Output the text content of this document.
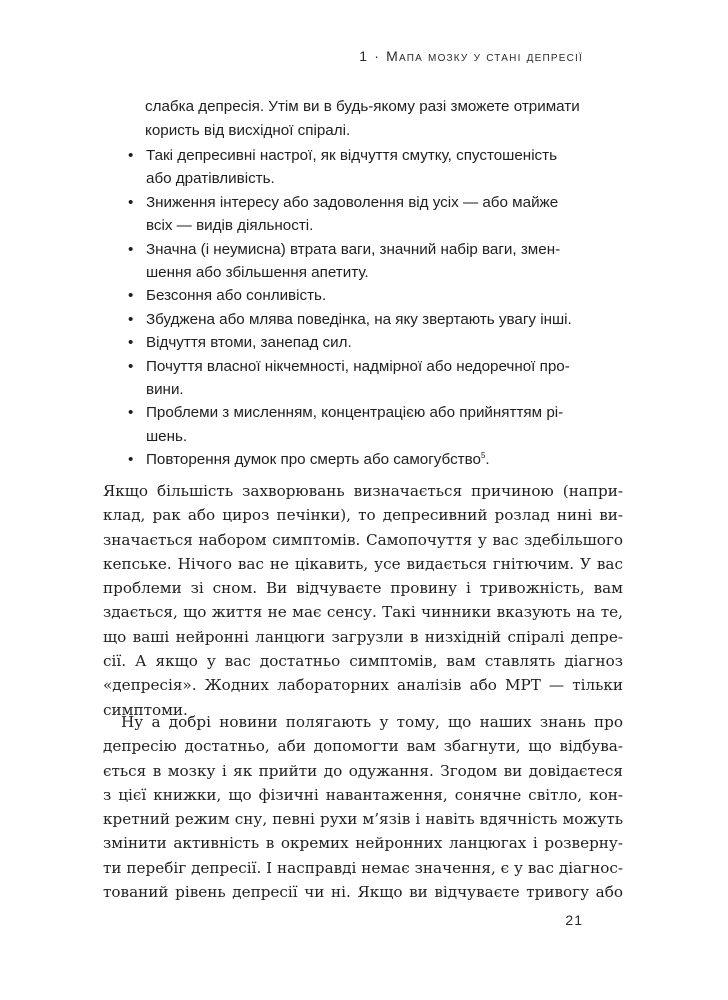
1 · Мапа мозку у стані депресії

слабка депресія. Утім ви в будь-якому разі зможете отримати
користь від висхідної спіралі.

• Такі депресивні настрої, як відчуття смутку, спустошеність
або дратівливість.
• Зниження інтересу або задоволення від усіх — або майже
всіх — видів діяльності.
• Значна (і неумисна) втрата ваги, значний набір ваги, змен-
шення або збільшення апетиту.
• Безсоння або сонливість.
• Збуджена або млява поведінка, на яку звертають увагу інші.
• Відчуття втоми, занепад сил.
• Почуття власної нікчемності, надмірної або недоречної про-
вини.
• Проблеми з мисленням, концентрацією або прийняттям рі-
шень.
• Повторення думок про смерть або самогубство$^5$.

Якщо більшість захворювань визначається причиною (напри-
клад, рак або цироз печінки), то депресивний розлад нині ви-
значається набором симптомів. Самопочуття у вас здебільшого
кепське. Нічого вас не цікавить, усе видається гнітючим. У вас
проблеми зі сном. Ви відчуваєте провину і тривожність, вам
здається, що життя не має сенсу. Такі чинники вказують на те,
що ваші нейронні ланцюги загрузли в низхідній спіралі депре-
сії. А якщо у вас достатньо симптомів, вам ставлять діагноз
«депресія». Жодних лабораторних аналізів або МРТ — тільки
симптоми.

Ну а добрі новини полягають у тому, що наших знань про
депресію достатньо, аби допомогти вам збагнути, що відбува-
ється в мозку і як прийти до одужання. Згодом ви довідаєтеся
з цієї книжки, що фізичні навантаження, сонячне світло, кон-
кретний режим сну, певні рухи м’язів і навіть вдячність можуть
змінити активність в окремих нейронних ланцюгах і розверну-
ти перебіг депресії. І насправді немає значення, є у вас діагнос-
тований рівень депресії чи ні. Якщо ви відчуваєте тривогу або

21
